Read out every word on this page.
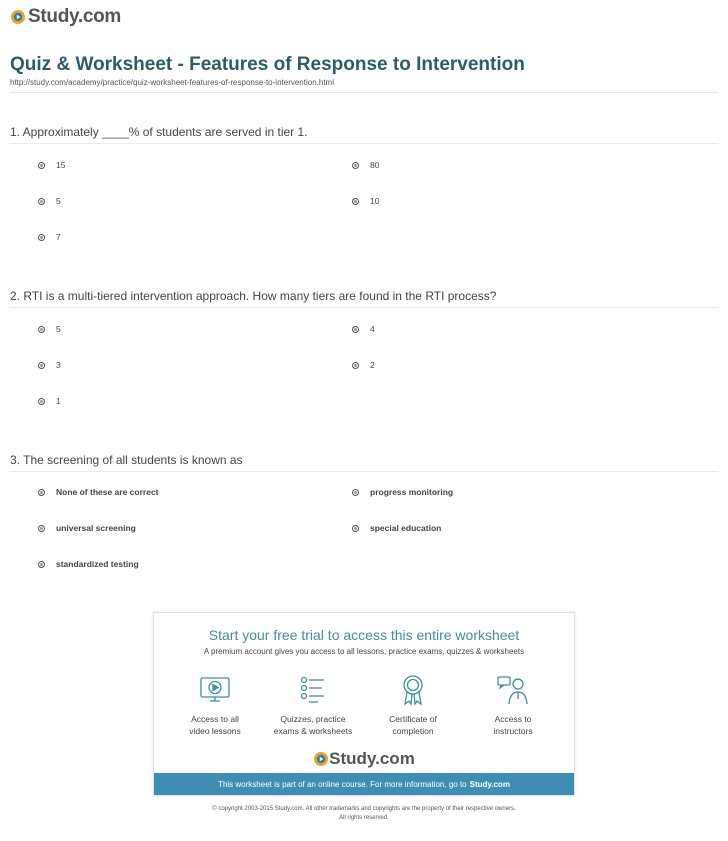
Study.com
Quiz & Worksheet - Features of Response to Intervention
http://study.com/academy/practice/quiz-worksheet-features-of-response-to-intervention.html
1. Approximately ____% of students are served in tier 1.
15	80
5	10
7
2. RTI is a multi-tiered intervention approach. How many tiers are found in the RTI process?
5	4
3	2
1
3. The screening of all students is known as
None of these are correct	progress monitoring
universal screening	special education
standardized testing
Start your free trial to access this entire worksheet
A premium account gives you access to all lessons, practice exams, quizzes & worksheets
Access to all
video lessons
Quizzes, practice
exams & worksheets
Certificate of
completion
Access to
instructors
Study.com
This worksheet is part of an online course. For more information, go to Study.com
© copyright 2003-2015 Study.com. All other trademarks and copyrights are the property of their respective owners.
All rights reserved.
